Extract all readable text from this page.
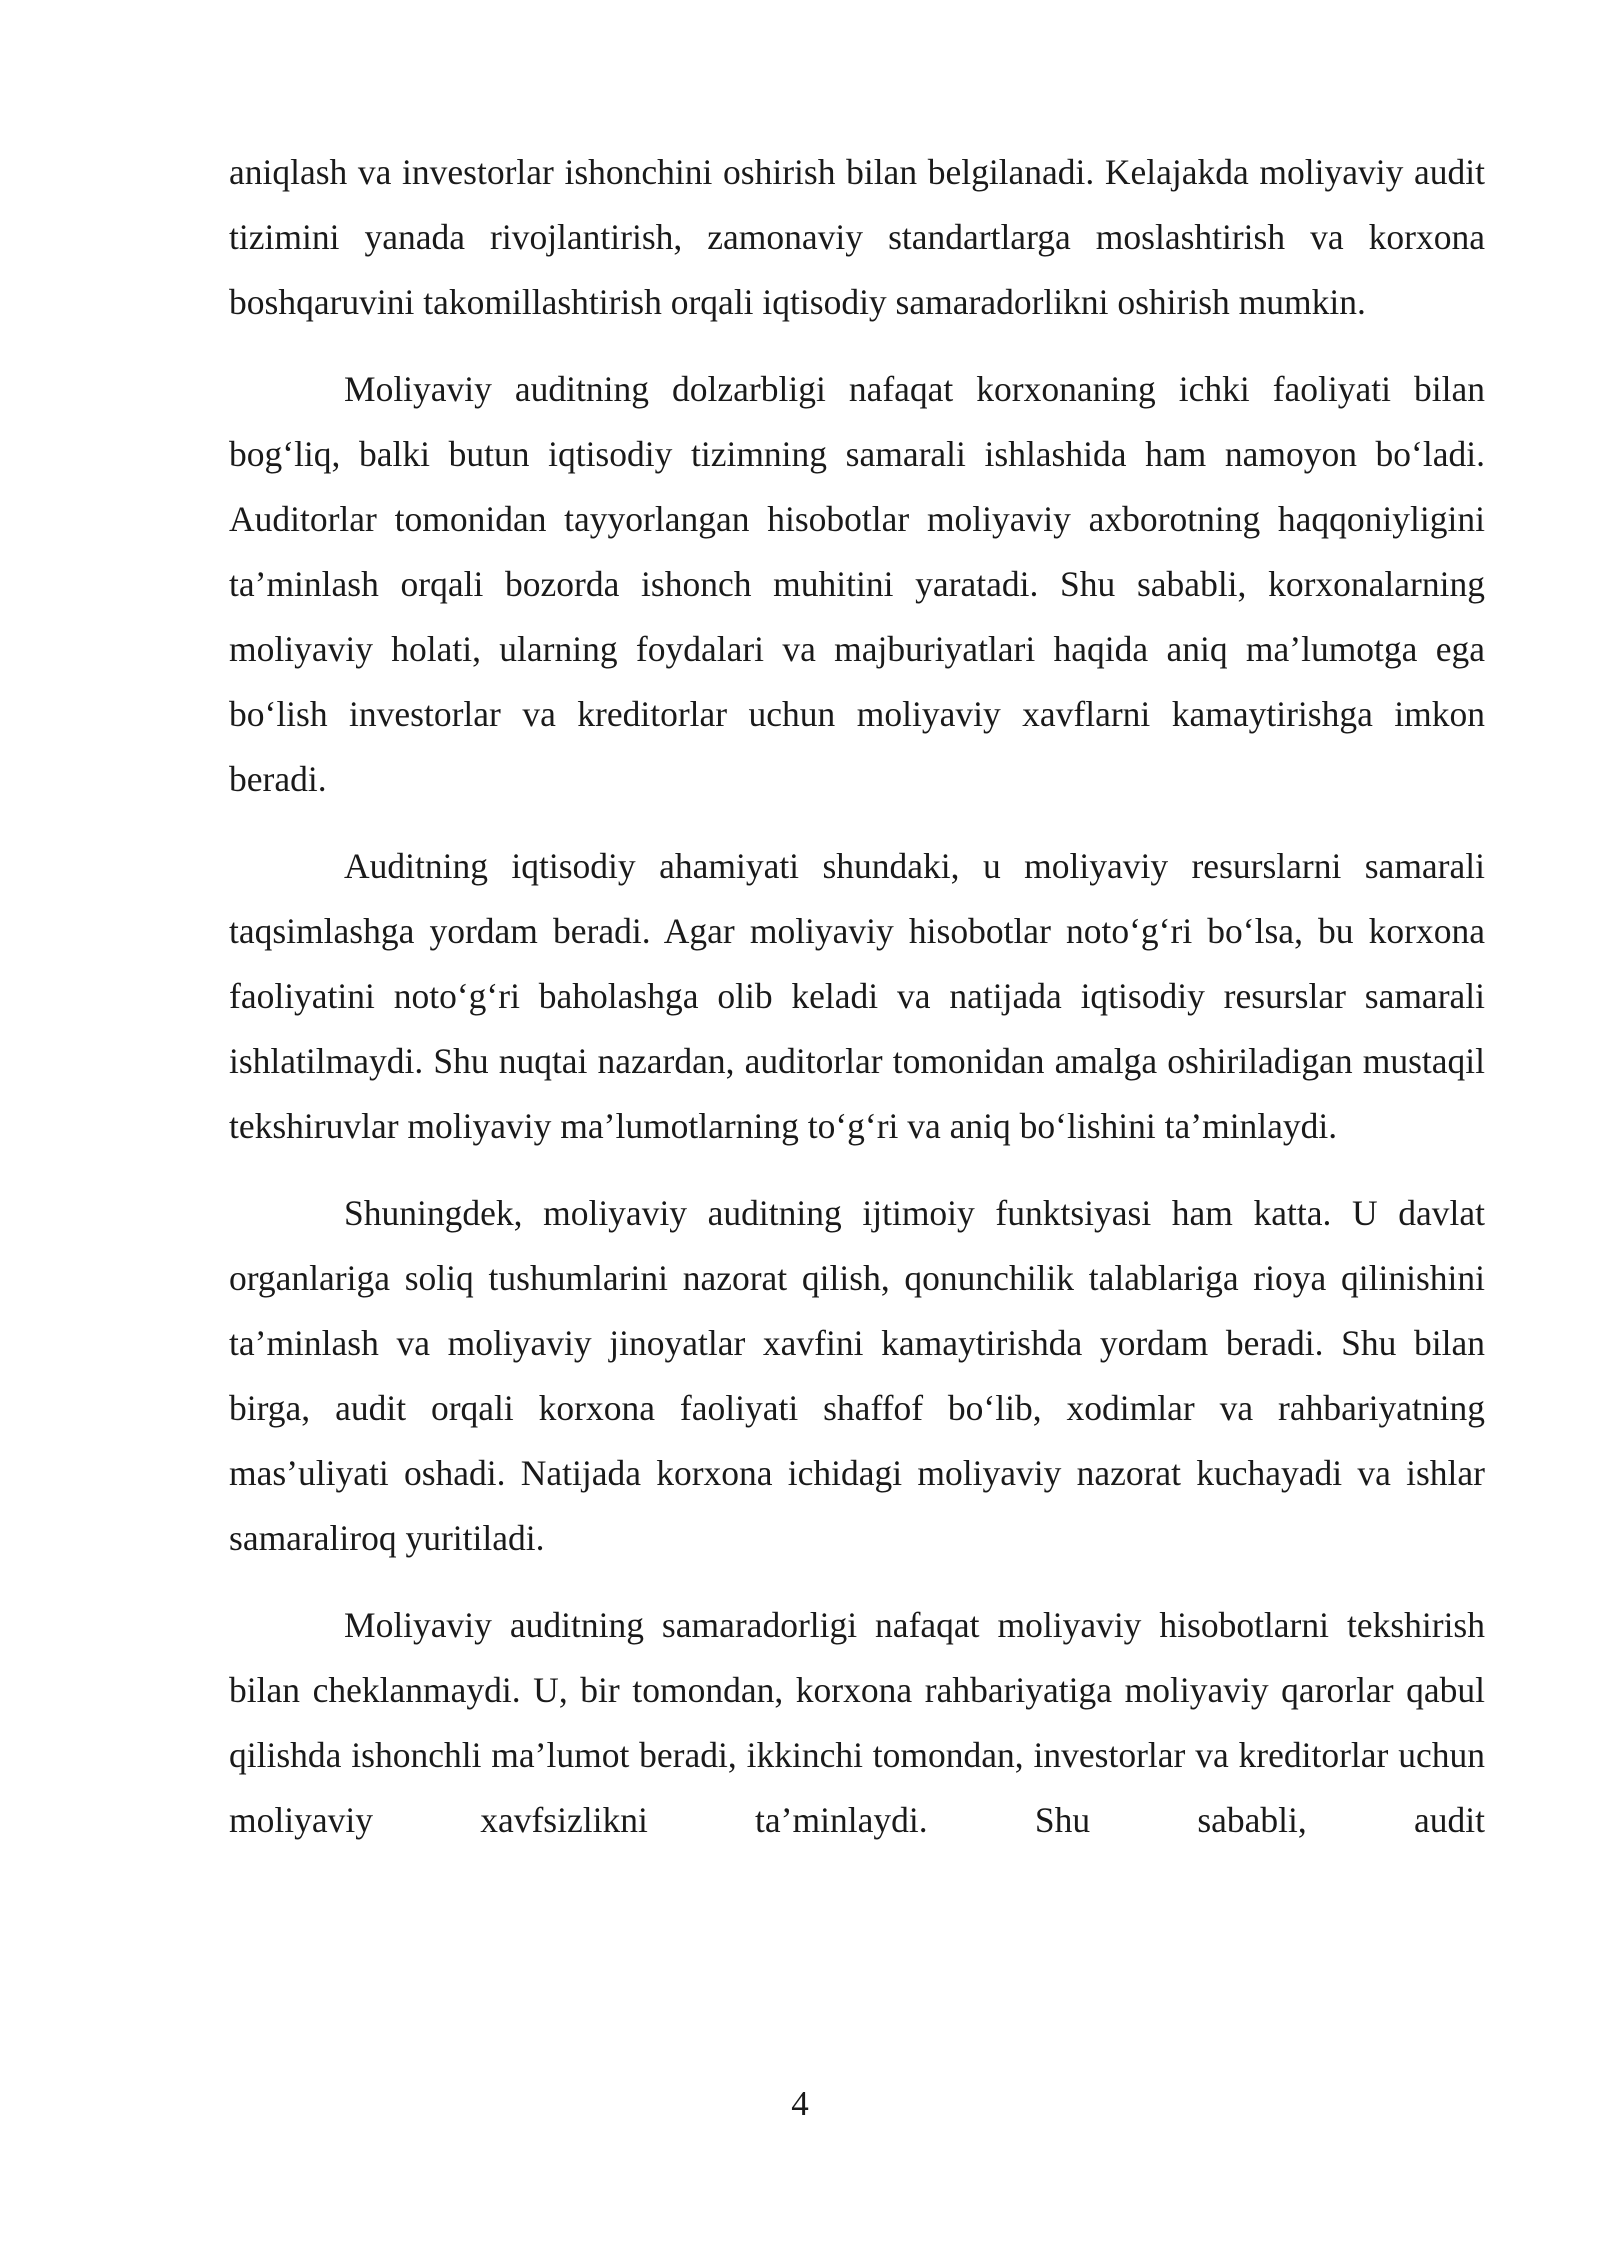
aniqlash va investorlar ishonchini oshirish bilan belgilanadi. Kelajakda moliyaviy audit tizimini yanada rivojlantirish, zamonaviy standartlarga moslashtirish va korxona boshqaruvini takomillashtirish orqali iqtisodiy samaradorlikni oshirish mumkin.

Moliyaviy auditning dolzarbligi nafaqat korxonaning ichki faoliyati bilan bog‘liq, balki butun iqtisodiy tizimning samarali ishlashida ham namoyon bo‘ladi. Auditorlar tomonidan tayyorlangan hisobotlar moliyaviy axborotning haqqoniyligini ta’minlash orqali bozorda ishonch muhitini yaratadi. Shu sababli, korxonalarning moliyaviy holati, ularning foydalari va majburiyatlari haqida aniq ma’lumotga ega bo‘lish investorlar va kreditorlar uchun moliyaviy xavflarni kamaytirishga imkon beradi.

Auditning iqtisodiy ahamiyati shundaki, u moliyaviy resurslarni samarali taqsimlashga yordam beradi. Agar moliyaviy hisobotlar noto‘g‘ri bo‘lsa, bu korxona faoliyatini noto‘g‘ri baholashga olib keladi va natijada iqtisodiy resurslar samarali ishlatilmaydi. Shu nuqtai nazardan, auditorlar tomonidan amalga oshiriladigan mustaqil tekshiruvlar moliyaviy ma’lumotlarning to‘g‘ri va aniq bo‘lishini ta’minlaydi.

Shuningdek, moliyaviy auditning ijtimoiy funktsiyasi ham katta. U davlat organlariga soliq tushumlarini nazorat qilish, qonunchilik talablariga rioya qilinishini ta’minlash va moliyaviy jinoyatlar xavfini kamaytirishda yordam beradi. Shu bilan birga, audit orqali korxona faoliyati shaffof bo‘lib, xodimlar va rahbariyatning mas’uliyati oshadi. Natijada korxona ichidagi moliyaviy nazorat kuchayadi va ishlar samaraliroq yuritiladi.

Moliyaviy auditning samaradorligi nafaqat moliyaviy hisobotlarni tekshirish bilan cheklanmaydi. U, bir tomondan, korxona rahbariyatiga moliyaviy qarorlar qabul qilishda ishonchli ma’lumot beradi, ikkinchi tomondan, investorlar va kreditorlar uchun moliyaviy xavfsizlikni ta’minlaydi. Shu sababli, audit

4
